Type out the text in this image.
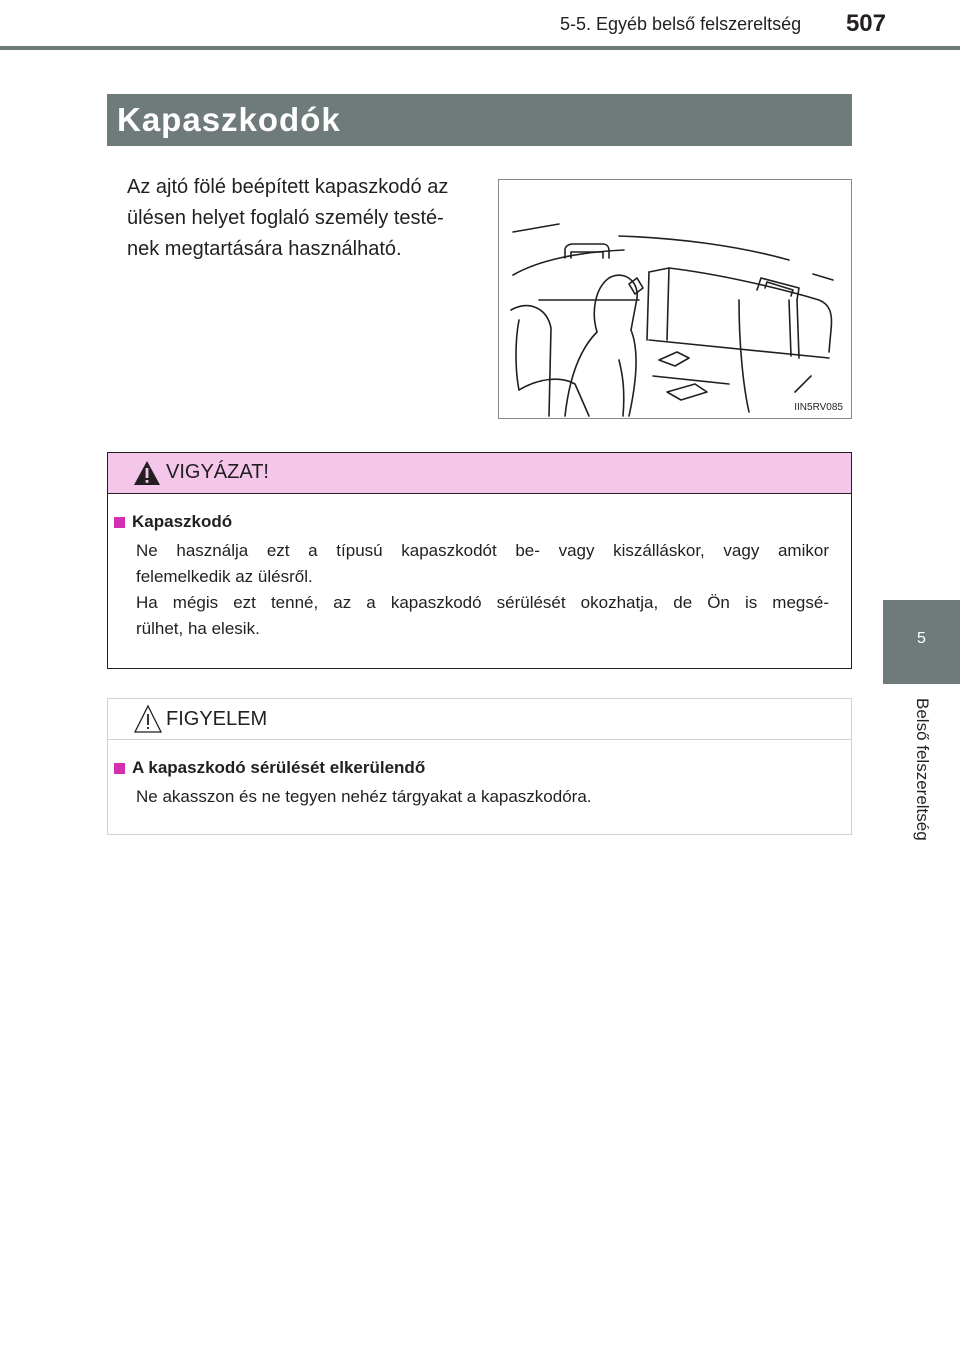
5-5. Egyéb belső felszereltség 507
5
Belső felszereltség
Kapaszkodók
Az ajtó fölé beépített kapaszkodó az
ülésen helyet foglaló személy testé-
nek megtartására használható.
IIN5RV085
VIGYÁZAT!
Kapaszkodó
Ne használja ezt a típusú kapaszkodót be- vagy kiszálláskor, vagy amikor
felemelkedik az ülésről.
Ha mégis ezt tenné, az a kapaszkodó sérülését okozhatja, de Ön is megsé-
rülhet, ha elesik.
FIGYELEM
A kapaszkodó sérülését elkerülendő
Ne akasszon és ne tegyen nehéz tárgyakat a kapaszkodóra.
